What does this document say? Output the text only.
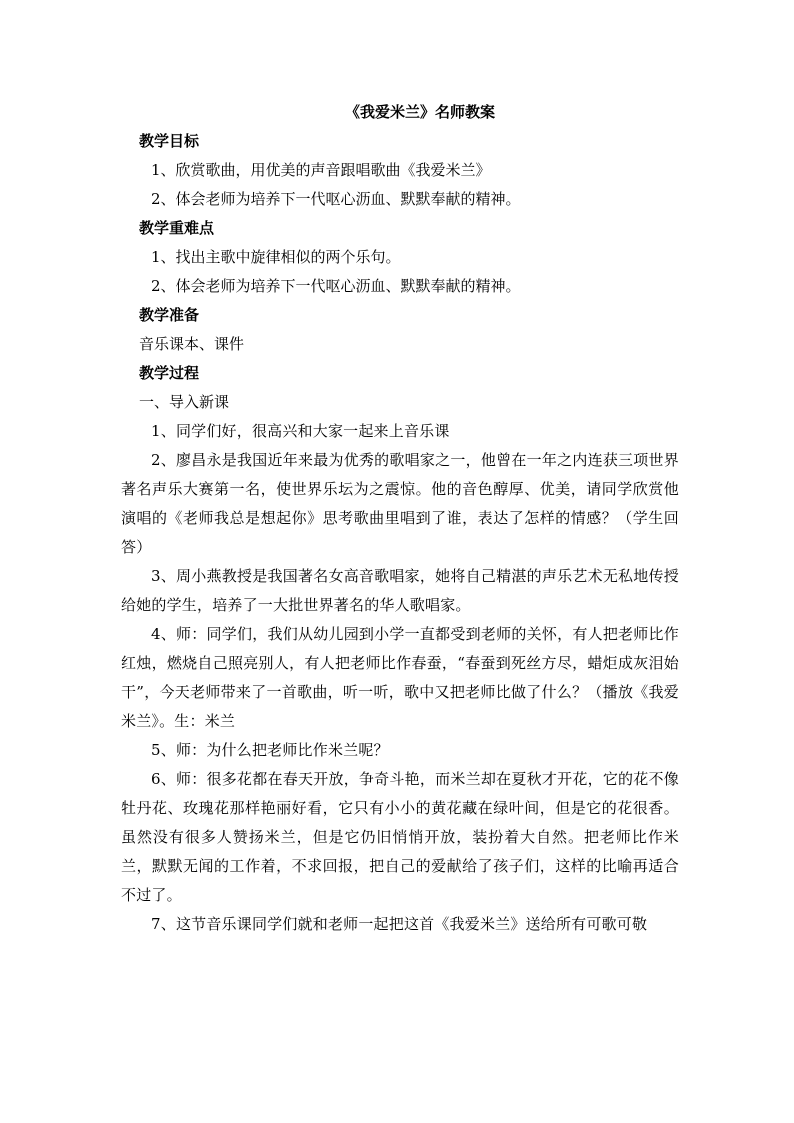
《我爱米兰》名师教案
教学目标
1、欣赏歌曲，用优美的声音跟唱歌曲《我爱米兰》
2、体会老师为培养下一代呕心沥血、默默奉献的精神。
教学重难点
1、找出主歌中旋律相似的两个乐句。
2、体会老师为培养下一代呕心沥血、默默奉献的精神。
教学准备
音乐课本、课件
教学过程
一、导入新课

1、同学们好，很高兴和大家一起来上音乐课

2、廖昌永是我国近年来最为优秀的歌唱家之一，他曾在一年之内连获三项世界著名声乐大赛第一名，使世界乐坛为之震惊。他的音色醇厚、优美，请同学欣赏他演唱的《老师我总是想起你》思考歌曲里唱到了谁，表达了怎样的情感？（学生回答）

3、周小燕教授是我国著名女高音歌唱家，她将自己精湛的声乐艺术无私地传授给她的学生，培养了一大批世界著名的华人歌唱家。

4、师：同学们，我们从幼儿园到小学一直都受到老师的关怀，有人把老师比作红烛，燃烧自己照亮别人，有人把老师比作春蚕，“春蚕到死丝方尽，蜡炬成灰泪始干”，今天老师带来了一首歌曲，听一听，歌中又把老师比做了什么？（播放《我爱米兰》。生：米兰

5、师：为什么把老师比作米兰呢？

6、师：很多花都在春天开放，争奇斗艳，而米兰却在夏秋才开花，它的花不像牡丹花、玫瑰花那样艳丽好看，它只有小小的黄花藏在绿叶间，但是它的花很香。虽然没有很多人赞扬米兰，但是它仍旧悄悄开放，装扮着大自然。把老师比作米兰，默默无闻的工作着，不求回报，把自己的爱献给了孩子们，这样的比喻再适合不过了。

7、这节音乐课同学们就和老师一起把这首《我爱米兰》送给所有可歌可敬
